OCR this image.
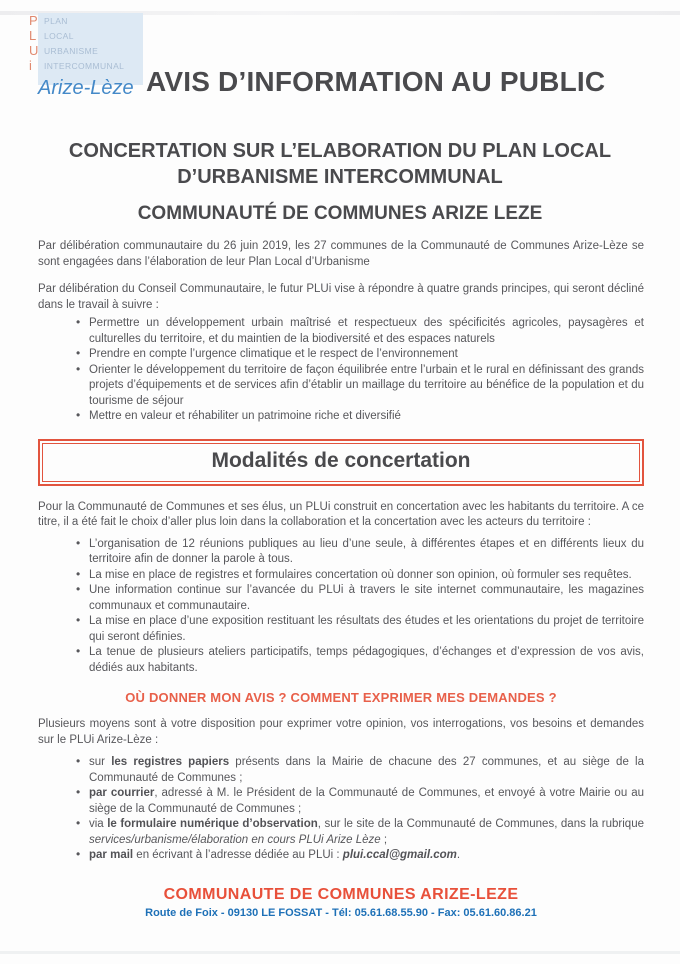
P PLAN
L LOCAL
U URBANISME
i	INTERCOMMUNAL
Arize-Lèze AVIS D’INFORMATION AU PUBLIC
CONCERTATION SUR L’ELABORATION DU PLAN LOCAL
D’URBANISME INTERCOMMUNAL
COMMUNAUTÉ DE COMMUNES ARIZE LEZE

Par délibération communautaire du 26 juin 2019, les 27 communes de la Communauté de Communes Arize-Lèze se sont engagées dans l’élaboration de leur Plan Local d’Urbanisme

Par délibération du Conseil Communautaire, le futur PLUi vise à répondre à quatre grands principes, qui seront décliné dans le travail à suivre :

• Permettre un développement urbain maîtrisé et respectueux des spécificités agricoles, paysagères et culturelles du territoire, et du maintien de la biodiversité et des espaces naturels
• Prendre en compte l’urgence climatique et le respect de l’environnement
• Orienter le développement du territoire de façon équilibrée entre l’urbain et le rural en définissant des grands projets d’équipements et de services afin d’établir un maillage du territoire au bénéfice de la population et du tourisme de séjour
• Mettre en valeur et réhabiliter un patrimoine riche et diversifié
Modalités de concertation

Pour la Communauté de Communes et ses élus, un PLUi construit en concertation avec les habitants du territoire. A ce titre, il a été fait le choix d’aller plus loin dans la collaboration et la concertation avec les acteurs du territoire :

• L’organisation de 12 réunions publiques au lieu d’une seule, à différentes étapes et en différents lieux du territoire afin de donner la parole à tous.
• La mise en place de registres et formulaires concertation où donner son opinion, où formuler ses requêtes.
• Une information continue sur l’avancée du PLUi à travers le site internet communautaire, les magazines communaux et communautaire.
• La mise en place d’une exposition restituant les résultats des études et les orientations du projet de territoire qui seront définies.
• La tenue de plusieurs ateliers participatifs, temps pédagogiques, d’échanges et d’expression de vos avis, dédiés aux habitants.
OÙ DONNER MON AVIS ? COMMENT EXPRIMER MES DEMANDES ?

Plusieurs moyens sont à votre disposition pour exprimer votre opinion, vos interrogations, vos besoins et demandes sur le PLUi Arize-Lèze :

• sur les registres papiers présents dans la Mairie de chacune des 27 communes, et au siège de la Communauté de Communes ;
• par courrier, adressé à M. le Président de la Communauté de Communes, et envoyé à votre Mairie ou au siège de la Communauté de Communes ;
• via le formulaire numérique d’observation, sur le site de la Communauté de Communes, dans la rubrique services/urbanisme/élaboration en cours PLUi Arize Lèze ;
• par mail en écrivant à l’adresse dédiée au PLUi : plui.ccal@gmail.com.
COMMUNAUTE DE COMMUNES ARIZE-LEZE
Route de Foix - 09130 LE FOSSAT - Tél: 05.61.68.55.90 - Fax: 05.61.60.86.21
